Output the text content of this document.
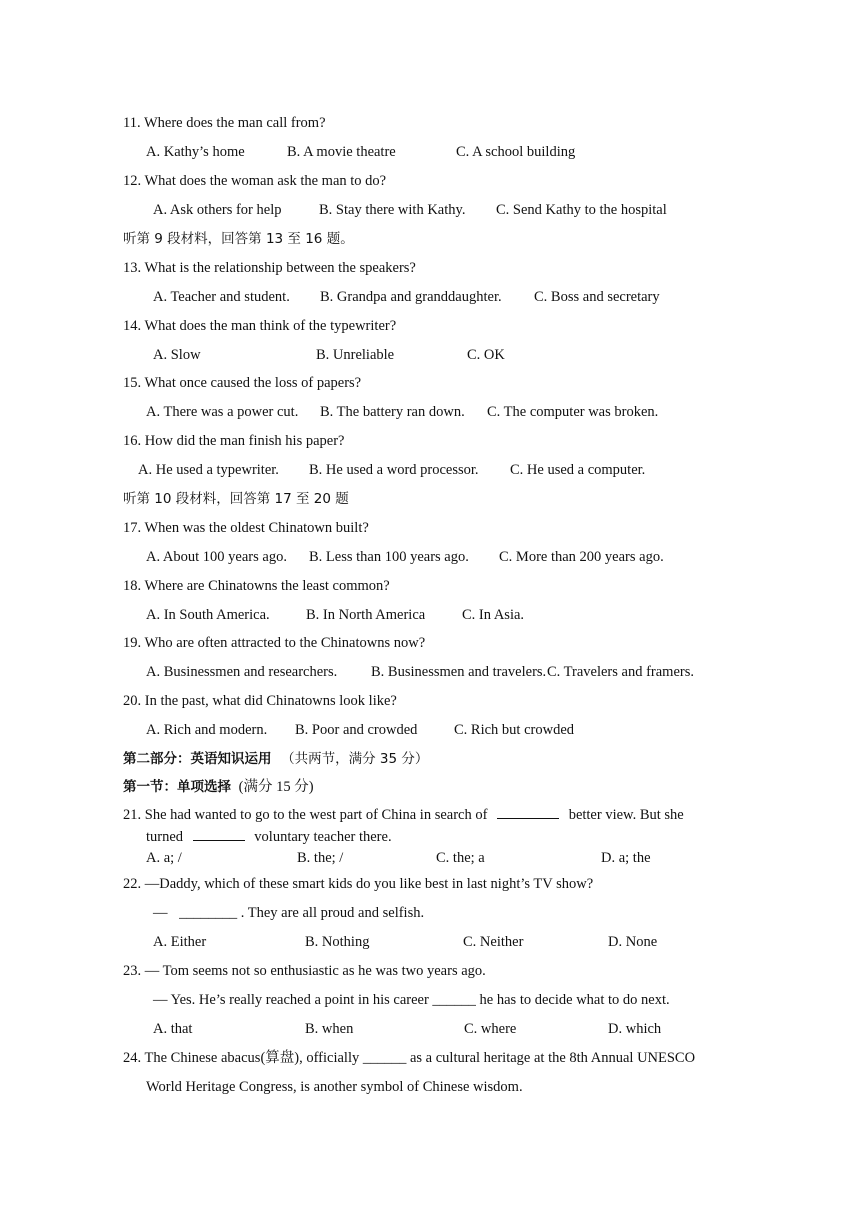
11. Where does the man call from?
A. Kathy’s home	B. A movie theatre	C. A school building
12. What does the woman ask the man to do?
A. Ask others for help	B. Stay there with Kathy. C. Send Kathy to the hospital
听第 9 段材料，回答第 13 至 16 题。
13. What is the relationship between the speakers?
A. Teacher and student. B. Grandpa and granddaughter. C. Boss and secretary
14. What does the man think of the typewriter?
A. Slow	B. Unreliable	C. OK
15. What once caused the loss of papers?
A. There was a power cut. B. The battery ran down. C. The computer was broken.
16. How did the man finish his paper?
A. He used a typewriter. B. He used a word processor. C. He used a computer.
听第 10 段材料，回答第 17 至 20 题
17. When was the oldest Chinatown built?
A. About 100 years ago. B. Less than 100 years ago. C. More than 200 years ago.
18. Where are Chinatowns the least common?
A. In South America.	B. In North America	C. In Asia.
19. Who are often attracted to the Chinatowns now?
A. Businessmen and researchers. B. Businessmen and travelers. C. Travelers and framers.
20. In the past, what did Chinatowns look like?
A. Rich and modern. B. Poor and crowded	C. Rich but crowded
第二部分：英语知识运用 （共两节，满分 35 分）
第一节：单项选择 (满分 15 分)
21. She had wanted to go to the west part of China in search of	better view. But she
turned	voluntary teacher there.
A. a; /	B. the; /	C. the; a	D. a; the
22. —Daddy, which of these smart kids do you like best in last night’s TV show?
— ________ . They are all proud and selfish.
A. Either	B. Nothing	C. Neither	D. None
23. — Tom seems not so enthusiastic as he was two years ago.
— Yes. He’s really reached a point in his career ______ he has to decide what to do next.
A. that	B. when	C. where	D. which
24. The Chinese abacus(算盘), officially ______ as a cultural heritage at the 8th Annual UNESCO
World Heritage Congress, is another symbol of Chinese wisdom.
